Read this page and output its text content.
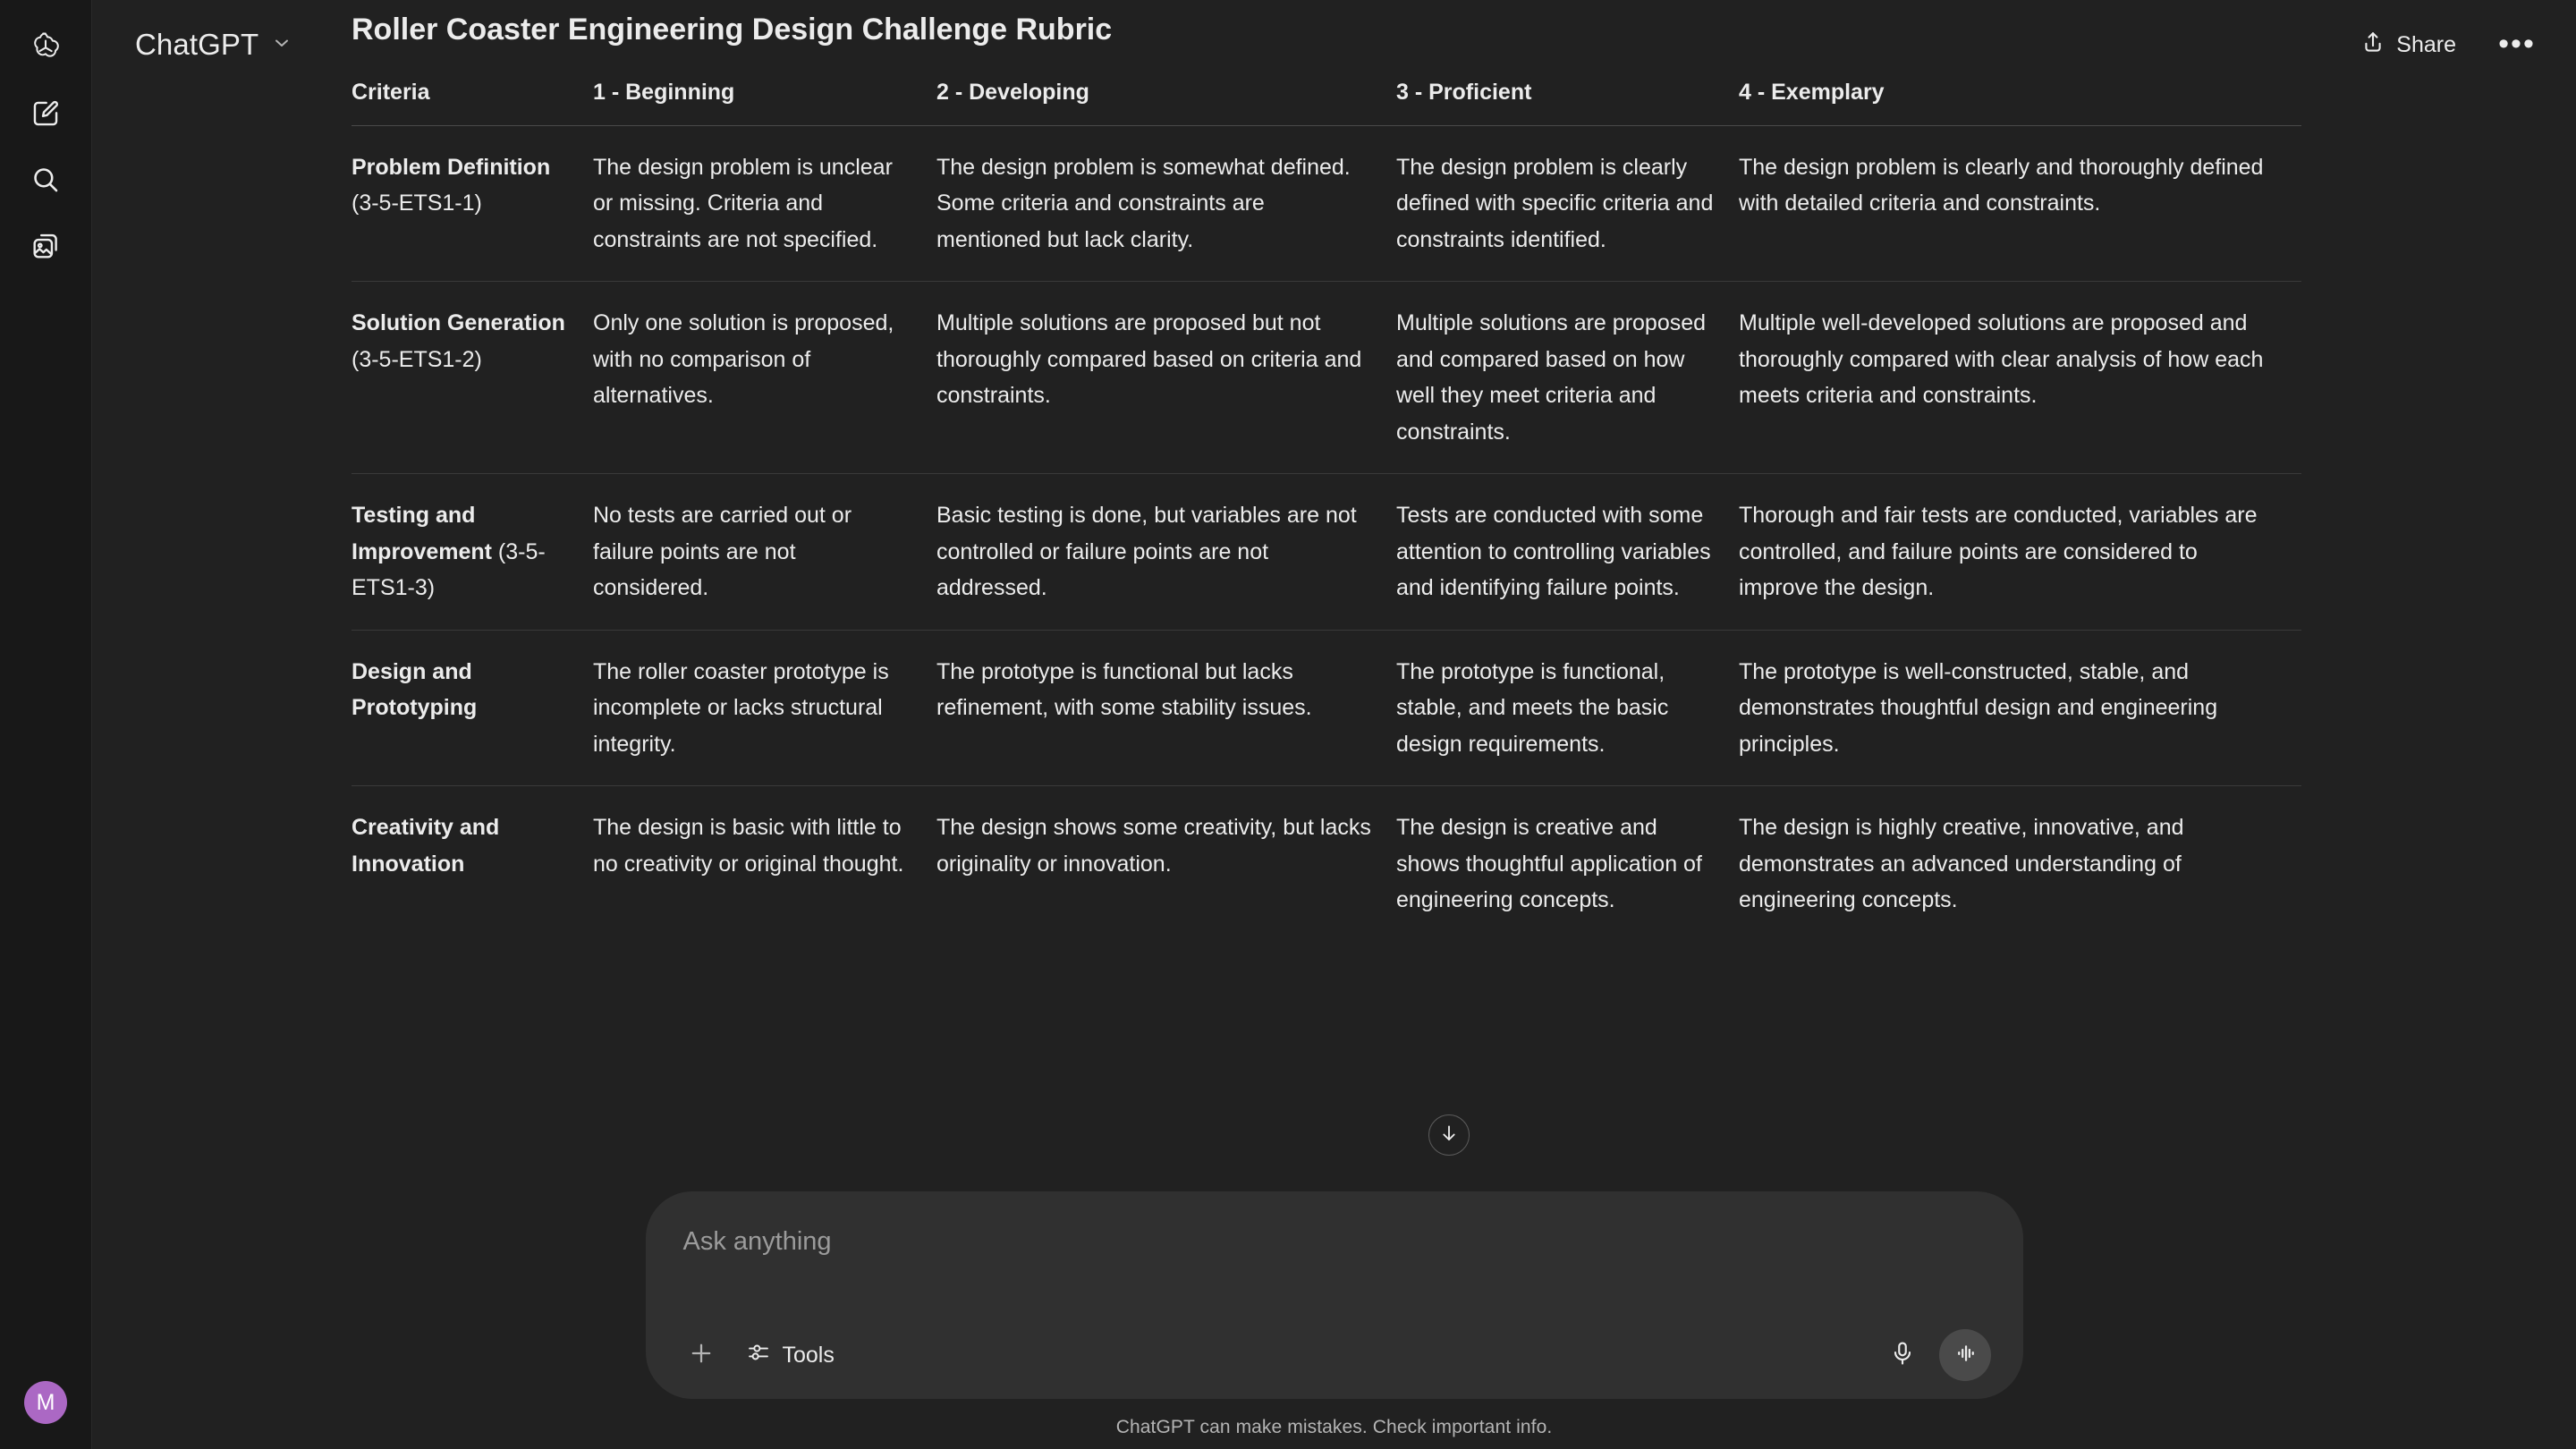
M
Roller Coaster Engineering Design Challenge Rubric
Criteria	1 - Beginning	2 - Developing	3 - Proficient	4 - Exemplary
Problem Definition (3-5-ETS1-1)	The design problem is unclear or missing. Criteria and constraints are not specified.	The design problem is somewhat defined. Some criteria and constraints are mentioned but lack clarity.	The design problem is clearly defined with specific criteria and constraints identified.	The design problem is clearly and thoroughly defined with detailed criteria and constraints.
Solution Generation (3-5-ETS1-2)	Only one solution is proposed, with no comparison of alternatives.	Multiple solutions are proposed but not thoroughly compared based on criteria and constraints.	Multiple solutions are proposed and compared based on how well they meet criteria and constraints.	Multiple well-developed solutions are proposed and thoroughly compared with clear analysis of how each meets criteria and constraints.
Testing and Improvement (3-5-ETS1-3)	No tests are carried out or failure points are not considered.	Basic testing is done, but variables are not controlled or failure points are not addressed.	Tests are conducted with some attention to controlling variables and identifying failure points.	Thorough and fair tests are conducted, variables are controlled, and failure points are considered to improve the design.
Design and Prototyping	The roller coaster prototype is incomplete or lacks structural integrity.	The prototype is functional but lacks refinement, with some stability issues.	The prototype is functional, stable, and meets the basic design requirements.	The prototype is well-constructed, stable, and demonstrates thoughtful design and engineering principles.
Creativity and Innovation	The design is basic with little to no creativity or original thought.	The design shows some creativity, but lacks originality or innovation.	The design is creative and shows thoughtful application of engineering concepts.	The design is highly creative, innovative, and demonstrates an advanced understanding of engineering concepts.
ChatGPT	Share •••
Ask anything
Tools
ChatGPT can make mistakes. Check important info.
